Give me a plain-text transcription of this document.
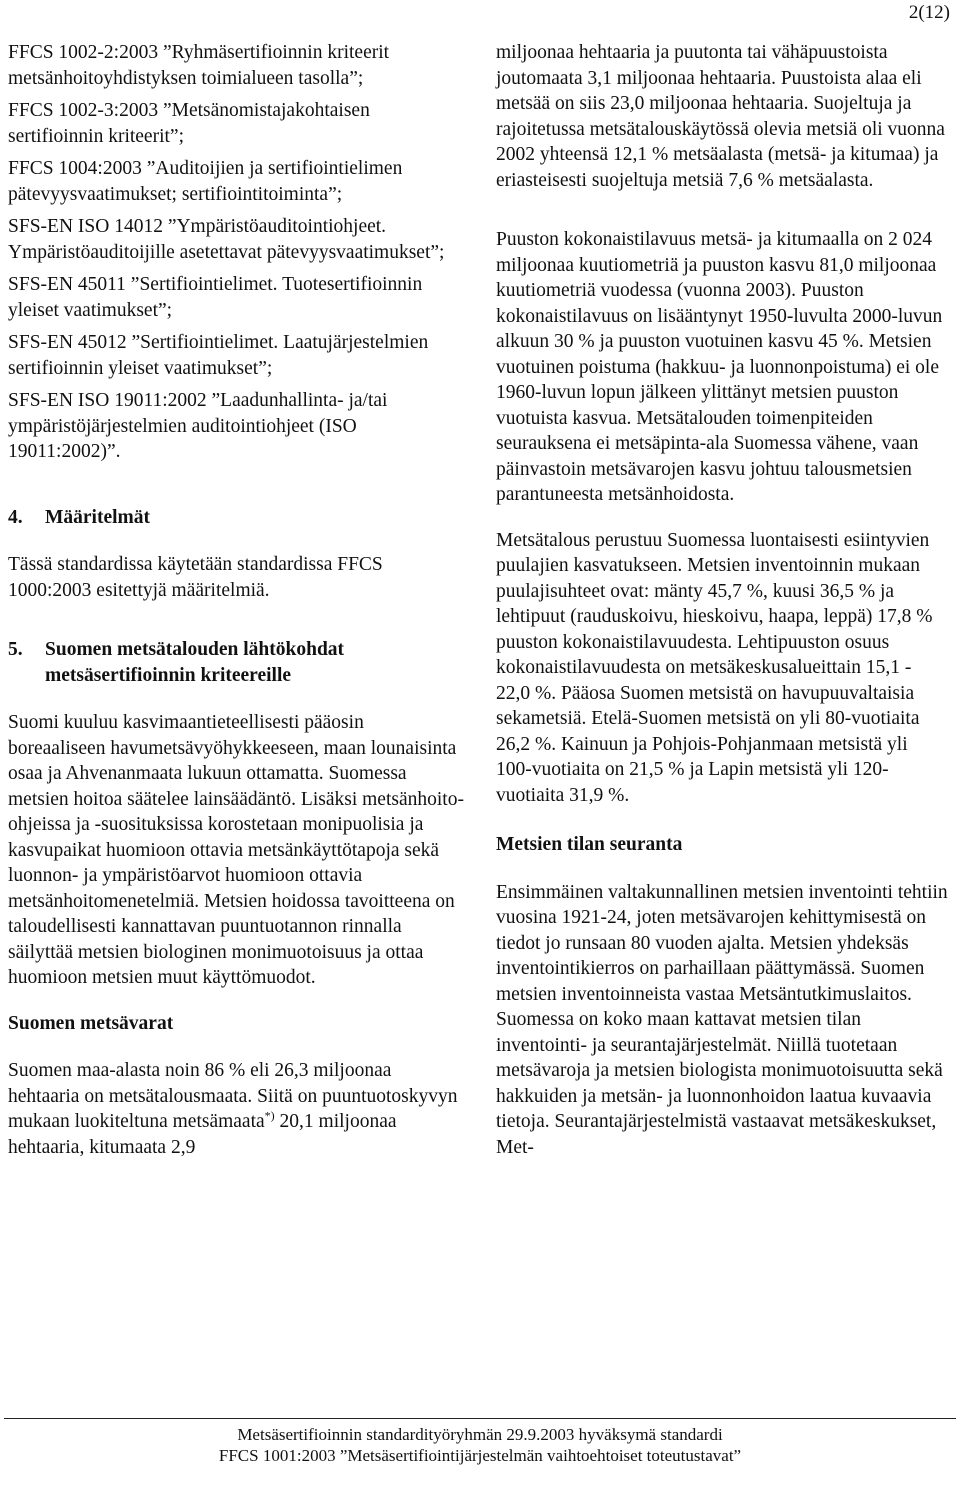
2(12)

FFCS 1002-2:2003 ”Ryhmäsertifioinnin kriteerit metsänhoitoyhdistyksen toimialueen tasolla”;

FFCS 1002-3:2003 ”Metsänomistajakohtaisen sertifioinnin kriteerit”;

FFCS 1004:2003 ”Auditoijien ja sertifiointielimen pätevyysvaatimukset; sertifiointitoiminta”;

SFS-EN ISO 14012 ”Ympäristöauditointiohjeet. Ympäristöauditoijille asetettavat pätevyysvaatimukset”;

SFS-EN 45011 ”Sertifiointielimet. Tuotesertifioinnin yleiset vaatimukset”;

SFS-EN 45012 ”Sertifiointielimet. Laatujärjestelmien sertifioinnin yleiset vaatimukset”;

SFS-EN ISO 19011:2002 ”Laadunhallinta- ja/tai ympäristöjärjestelmien auditointiohjeet (ISO 19011:2002)”.

4.	Määritelmät

Tässä standardissa käytetään standardissa FFCS 1000:2003 esitettyjä määritelmiä.

5.	Suomen metsätalouden lähtökohdat metsäsertifioinnin kriteereille

Suomi kuuluu kasvimaantieteellisesti pääosin boreaaliseen havumetsävyöhykkeeseen, maan lounaisinta osaa ja Ahvenanmaata lukuun ottamatta. Suomessa metsien hoitoa säätelee lainsäädäntö. Lisäksi metsänhoito-ohjeissa ja -suosituksissa korostetaan monipuolisia ja kasvupaikat huomioon ottavia metsänkäyttötapoja sekä luonnon- ja ympäristöarvot huomioon ottavia metsänhoitomenetelmiä. Metsien hoidossa tavoitteena on taloudellisesti kannattavan puuntuotannon rinnalla säilyttää metsien biologinen monimuotoisuus ja ottaa huomioon metsien muut käyttömuodot.

Suomen metsävarat

Suomen maa-alasta noin 86 % eli 26,3 miljoonaa hehtaaria on metsätalousmaata. Siitä on puuntuotoskyvyn mukaan luokiteltuna metsämaata*) 20,1 miljoonaa hehtaaria, kitumaata 2,9

miljoonaa hehtaaria ja puutonta tai vähäpuustoista joutomaata 3,1 miljoonaa hehtaaria. Puustoista alaa eli metsää on siis 23,0 miljoonaa hehtaaria. Suojeltuja ja rajoitetussa metsätalouskäytössä olevia metsiä oli vuonna 2002 yhteensä 12,1 % metsäalasta (metsä- ja kitumaa) ja eriasteisesti suojeltuja metsiä 7,6 % metsäalasta.

Puuston kokonaistilavuus metsä- ja kitumaalla on 2 024 miljoonaa kuutiometriä ja puuston kasvu 81,0 miljoonaa kuutiometriä vuodessa (vuonna 2003). Puuston kokonaistilavuus on lisääntynyt 1950-luvulta 2000-luvun alkuun 30 % ja puuston vuotuinen kasvu 45 %. Metsien vuotuinen poistuma (hakkuu- ja luonnonpoistuma) ei ole 1960-luvun lopun jälkeen ylittänyt metsien puuston vuotuista kasvua. Metsätalouden toimenpiteiden seurauksena ei metsäpinta-ala Suomessa vähene, vaan päinvastoin metsävarojen kasvu johtuu talousmetsien parantuneesta metsänhoidosta.

Metsätalous perustuu Suomessa luontaisesti esiintyvien puulajien kasvatukseen. Metsien inventoinnin mukaan puulajisuhteet ovat: mänty 45,7 %, kuusi 36,5 % ja lehtipuut (rauduskoivu, hieskoivu, haapa, leppä) 17,8 % puuston kokonaistilavuudesta. Lehtipuuston osuus kokonaistilavuudesta on metsäkeskusalueittain 15,1 - 22,0 %. Pääosa Suomen metsistä on havupuuvaltaisia sekametsiä. Etelä-Suomen metsistä on yli 80-vuotiaita 26,2 %. Kainuun ja Pohjois-Pohjanmaan metsistä yli 100-vuotiaita on 21,5 % ja Lapin metsistä yli 120-vuotiaita 31,9 %.

Metsien tilan seuranta

Ensimmäinen valtakunnallinen metsien inventointi tehtiin vuosina 1921-24, joten metsävarojen kehittymisestä on tiedot jo runsaan 80 vuoden ajalta. Metsien yhdeksäs inventointikierros on parhaillaan päättymässä. Suomen metsien inventoinneista vastaa Metsäntutkimuslaitos. Suomessa on koko maan kattavat metsien tilan inventointi- ja seurantajärjestelmät. Niillä tuotetaan metsävaroja ja metsien biologista monimuotoisuutta sekä hakkuiden ja metsän- ja luonnonhoidon laatua kuvaavia tietoja. Seurantajärjestelmistä vastaavat metsäkeskukset, Met-

Metsäsertifioinnin standardityöryhmän 29.9.2003 hyväksymä standardi
FFCS 1001:2003 ”Metsäsertifiointijärjestelmän vaihtoehtoiset toteutustavat”
